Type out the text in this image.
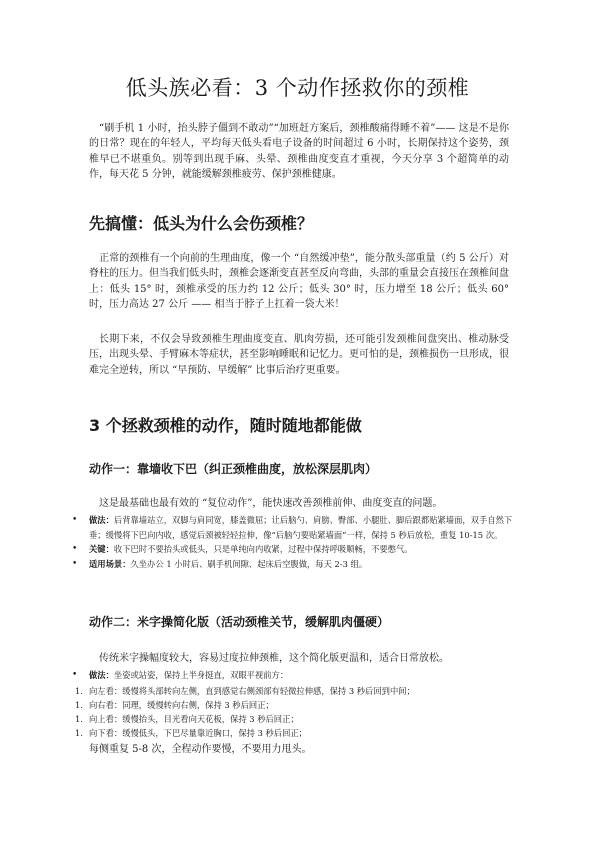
低头族必看：3 个动作拯救你的颈椎

“刷手机 1 小时，抬头脖子僵到不敢动”“加班赶方案后，颈椎酸痛得睡不着”—— 这是不是你的日常？现在的年轻人，平均每天低头看电子设备的时间超过 6 小时，长期保持这个姿势，颈椎早已不堪重负。别等到出现手麻、头晕、颈椎曲度变直才重视，今天分享 3 个超简单的动作，每天花 5 分钟，就能缓解颈椎疲劳、保护颈椎健康。

先搞懂：低头为什么会伤颈椎？

正常的颈椎有一个向前的生理曲度，像一个 “自然缓冲垫”，能分散头部重量（约 5 公斤）对脊柱的压力。但当我们低头时，颈椎会逐渐变直甚至反向弯曲，头部的重量会直接压在颈椎间盘上：低头 15° 时，颈椎承受的压力约 12 公斤；低头 30° 时，压力增至 18 公斤；低头 60° 时，压力高达 27 公斤 —— 相当于脖子上扛着一袋大米！

长期下来，不仅会导致颈椎生理曲度变直、肌肉劳损，还可能引发颈椎间盘突出、椎动脉受压，出现头晕、手臂麻木等症状，甚至影响睡眠和记忆力。更可怕的是，颈椎损伤一旦形成，很难完全逆转，所以 “早预防、早缓解” 比事后治疗更重要。

3 个拯救颈椎的动作，随时随地都能做
动作一：靠墙收下巴（纠正颈椎曲度，放松深层肌肉）

这是最基础也最有效的 “复位动作”，能快速改善颈椎前伸、曲度变直的问题。

• 做法：后背靠墙站立，双脚与肩同宽，膝盖微屈；让后脑勺、肩膀、臀部、小腿肚、脚后跟都贴紧墙面，双手自然下垂；缓慢将下巴向内收，感觉后颈被轻轻拉伸，像“后脑勺要贴紧墙面”一样，保持 5 秒后放松，重复 10-15 次。
• 关键：收下巴时不要抬头或低头，只是单纯向内收紧，过程中保持呼吸顺畅，不要憋气。
• 适用场景：久坐办公 1 小时后、刷手机间隙、起床后空腹做，每天 2-3 组。
动作二：米字操简化版（活动颈椎关节，缓解肌肉僵硬）

传统米字操幅度较大，容易过度拉伸颈椎，这个简化版更温和，适合日常放松。

• 做法：坐姿或站姿，保持上半身挺直，双眼平视前方：
1. 向左看：缓慢将头部转向左侧，直到感觉右侧颈部有轻微拉伸感，保持 3 秒后回到中间；
1. 向右看：同理，缓慢转向右侧，保持 3 秒后回正；
1. 向上看：缓慢抬头，目光看向天花板，保持 3 秒后回正；
1. 向下看：缓慢低头，下巴尽量靠近胸口，保持 3 秒后回正；

每侧重复 5-8 次，全程动作要慢，不要用力甩头。
